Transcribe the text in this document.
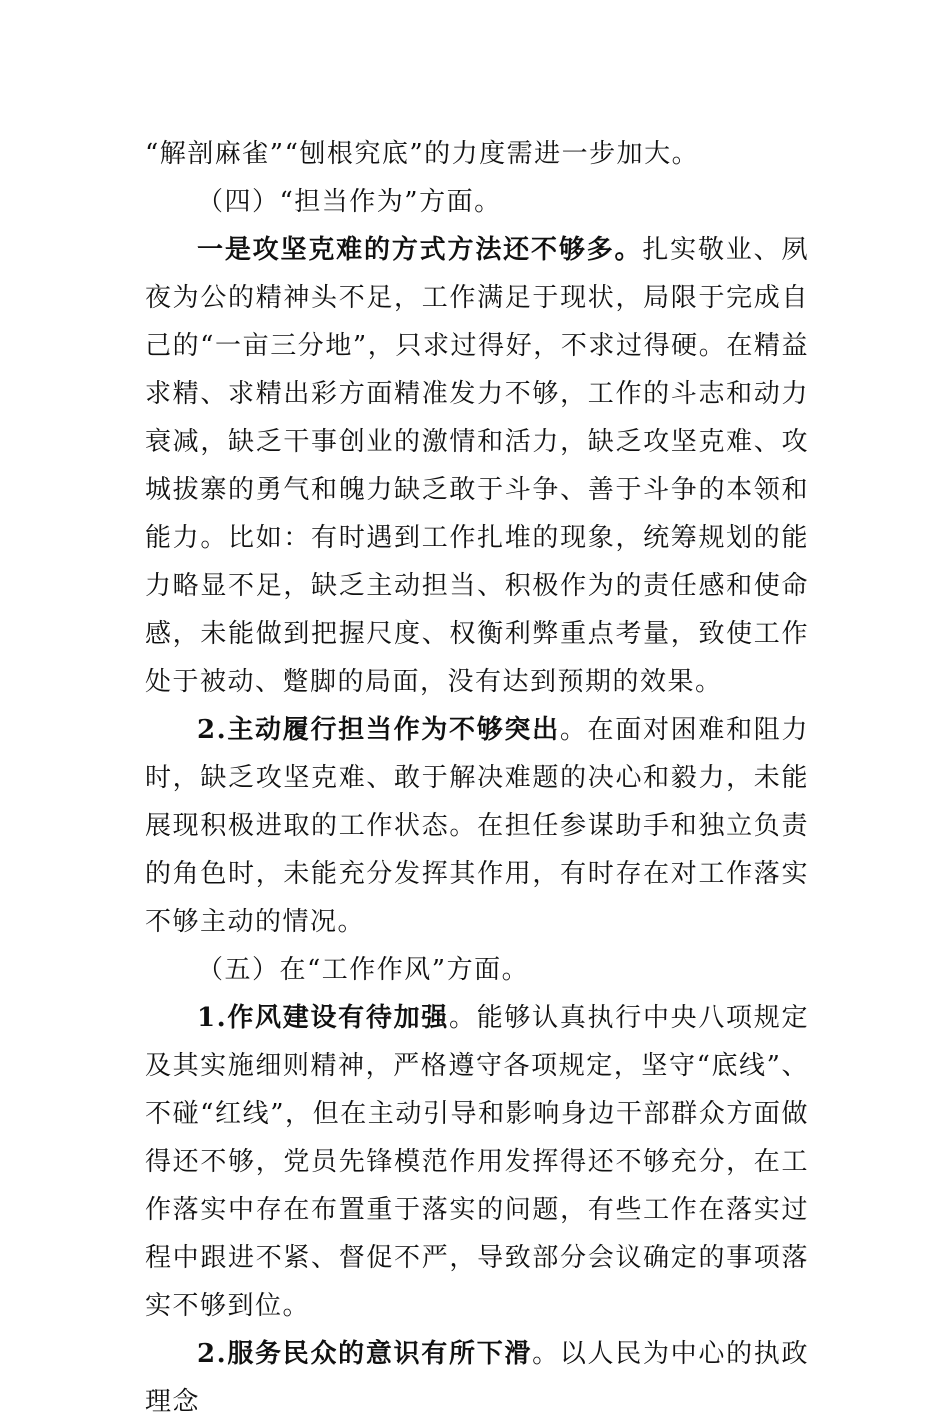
“解剖麻雀”“刨根究底”的力度需进一步加大。

（四）“担当作为”方面。

一是攻坚克难的方式方法还不够多。扎实敬业、夙夜为公的精神头不足，工作满足于现状，局限于完成自己的“一亩三分地”，只求过得好，不求过得硬。在精益求精、求精出彩方面精准发力不够，工作的斗志和动力衰减，缺乏干事创业的激情和活力，缺乏攻坚克难、攻城拔寨的勇气和魄力缺乏敢于斗争、善于斗争的本领和能力。比如：有时遇到工作扎堆的现象，统筹规划的能力略显不足，缺乏主动担当、积极作为的责任感和使命感，未能做到把握尺度、权衡利弊重点考量，致使工作处于被动、蹩脚的局面，没有达到预期的效果。

2.主动履行担当作为不够突出。在面对困难和阻力时，缺乏攻坚克难、敢于解决难题的决心和毅力，未能展现积极进取的工作状态。在担任参谋助手和独立负责的角色时，未能充分发挥其作用，有时存在对工作落实不够主动的情况。

（五）在“工作作风”方面。

1.作风建设有待加强。能够认真执行中央八项规定及其实施细则精神，严格遵守各项规定，坚守“底线”、不碰“红线”，但在主动引导和影响身边干部群众方面做得还不够，党员先锋模范作用发挥得还不够充分，在工作落实中存在布置重于落实的问题，有些工作在落实过程中跟进不紧、督促不严，导致部分会议确定的事项落实不够到位。

2.服务民众的意识有所下滑。以人民为中心的执政理念
